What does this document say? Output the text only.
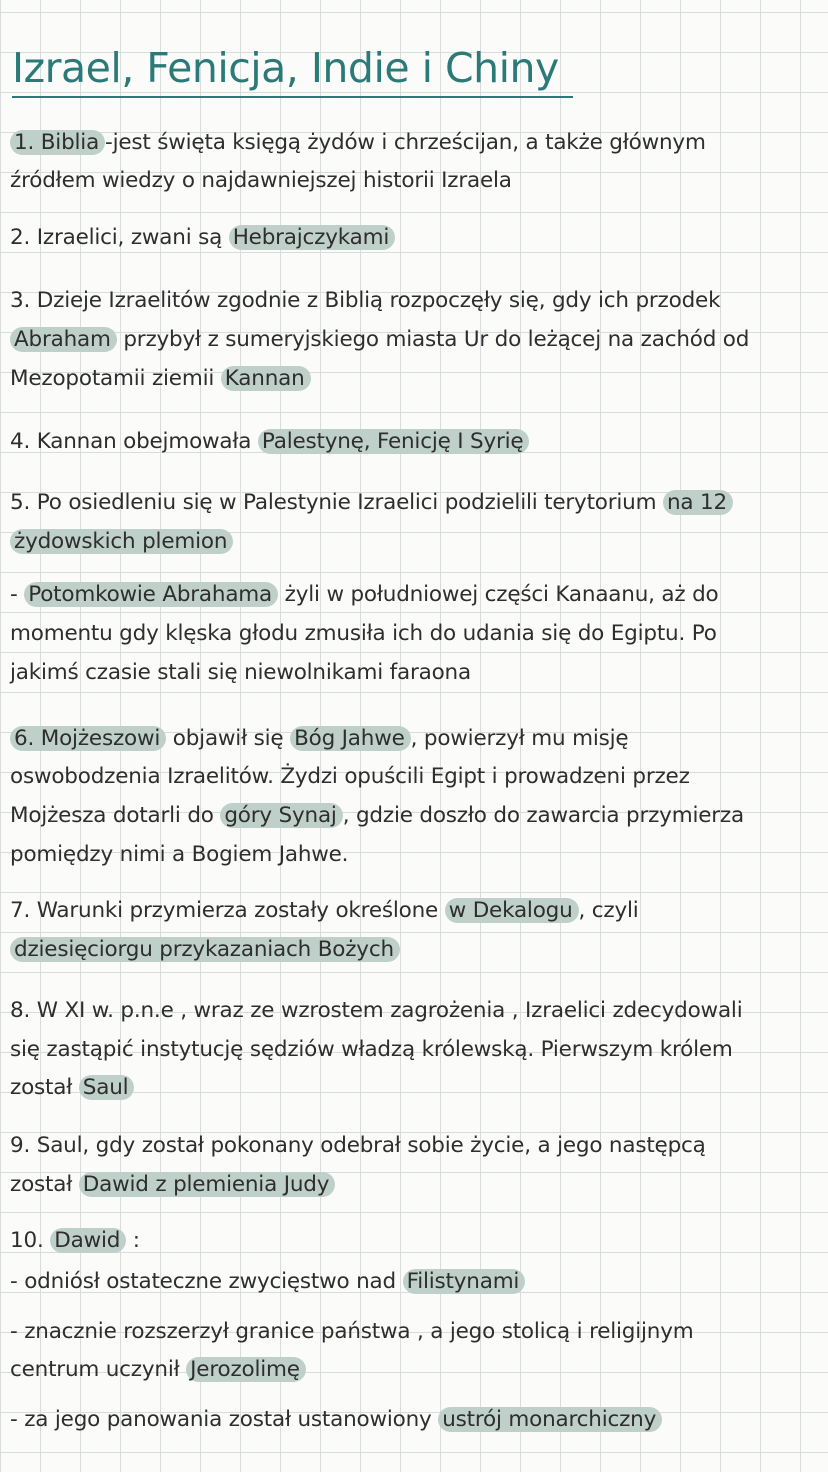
Izrael, Fenicja, Indie i Chiny
1. Biblia -jest święta księgą żydów i chrześcijan, a także głównym
źródłem wiedzy o najdawniejszej historii Izraela
2. Izraelici, zwani są Hebrajczykami
3. Dzieje Izraelitów zgodnie z Biblią rozpoczęły się, gdy ich przodek
Abraham przybył z sumeryjskiego miasta Ur do leżącej na zachód od
Mezopotamii ziemii Kannan
4. Kannan obejmowała Palestynę, Fenicję I Syrię
5. Po osiedleniu się w Palestynie Izraelici podzielili terytorium na 12
żydowskich plemion
- Potomkowie Abrahama żyli w południowej części Kanaanu, aż do
momentu gdy klęska głodu zmusiła ich do udania się do Egiptu. Po
jakimś czasie stali się niewolnikami faraona
6. Mojżeszowi objawił się Bóg Jahwe , powierzył mu misję
oswobodzenia Izraelitów. Żydzi opuścili Egipt i prowadzeni przez
Mojżesza dotarli do góry Synaj , gdzie doszło do zawarcia przymierza
pomiędzy nimi a Bogiem Jahwe.
7. Warunki przymierza zostały określone w Dekalogu , czyli
dziesięciorgu przykazaniach Bożych
8. W XI w. p.n.e , wraz ze wzrostem zagrożenia , Izraelici zdecydowali
się zastąpić instytucję sędziów władzą królewską. Pierwszym królem
został Saul
9. Saul, gdy został pokonany odebrał sobie życie, a jego następcą
został Dawid z plemienia Judy
10. Dawid :
- odniósł ostateczne zwycięstwo nad Filistynami
- znacznie rozszerzył granice państwa , a jego stolicą i religijnym
centrum uczynił Jerozolimę
- za jego panowania został ustanowiony ustrój monarchiczny
